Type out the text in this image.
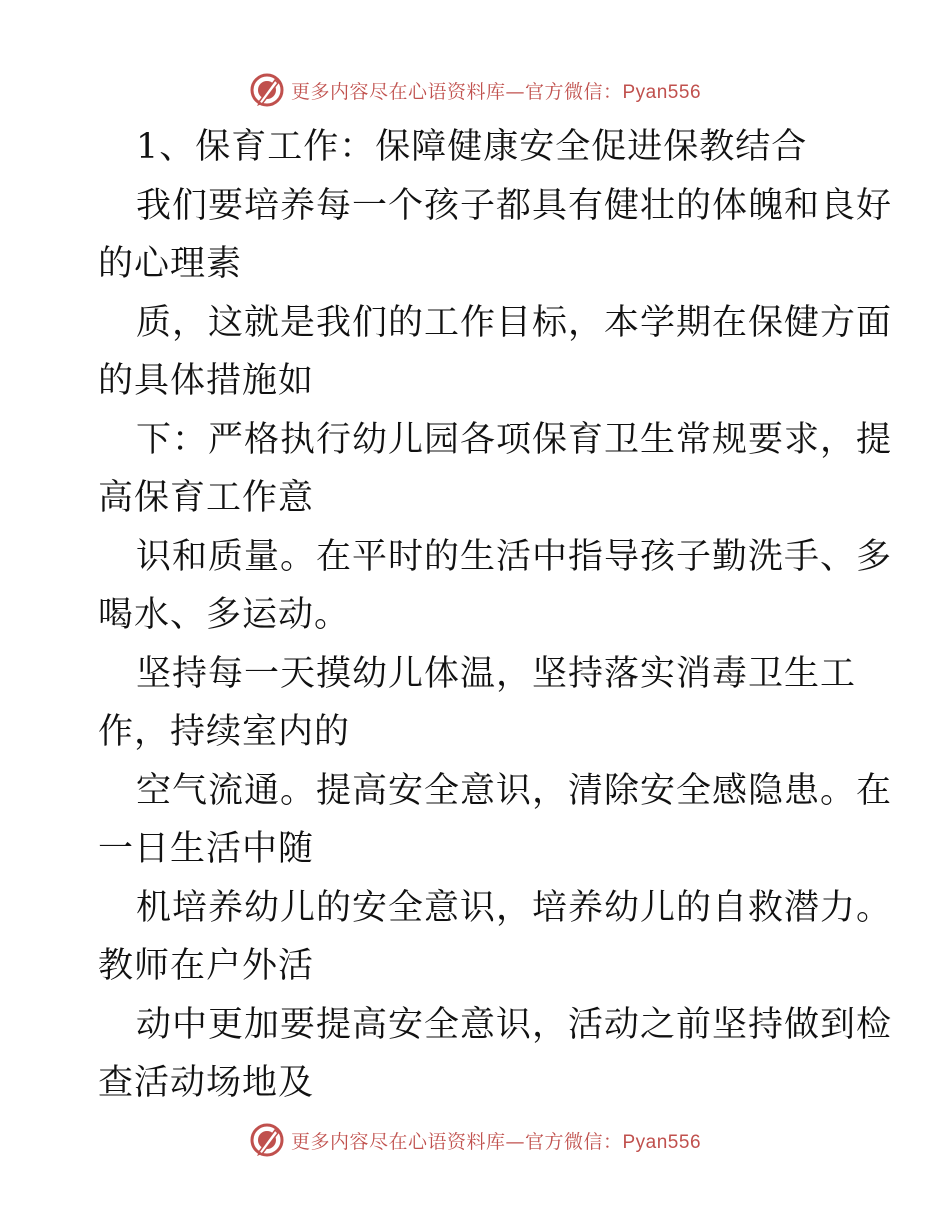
更多内容尽在心语资料库—官方微信：Pyan556
1、保育工作：保障健康安全促进保教结合
我们要培养每一个孩子都具有健壮的体魄和良好
的心理素
质，这就是我们的工作目标，本学期在保健方面
的具体措施如
下：严格执行幼儿园各项保育卫生常规要求，提
高保育工作意
识和质量。在平时的生活中指导孩子勤洗手、多
喝水、多运动。
坚持每一天摸幼儿体温，坚持落实消毒卫生工
作，持续室内的
空气流通。提高安全意识，清除安全感隐患。在
一日生活中随
机培养幼儿的安全意识，培养幼儿的自救潜力。
教师在户外活
动中更加要提高安全意识，活动之前坚持做到检
查活动场地及
更多内容尽在心语资料库—官方微信：Pyan556
